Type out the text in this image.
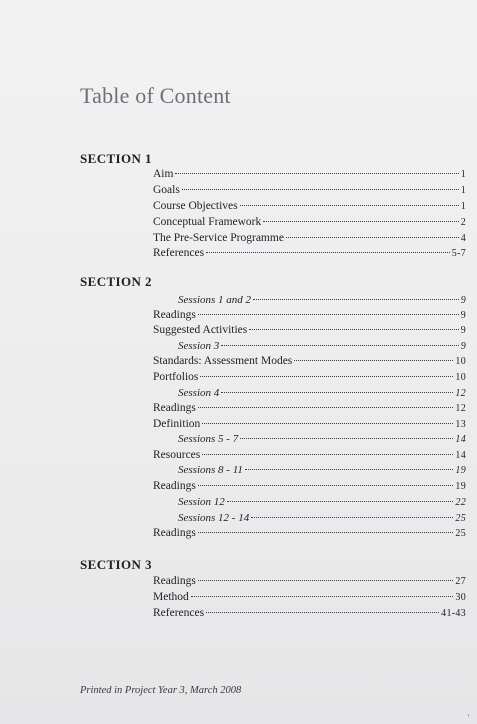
Table of Content
SECTION 1
Aim	1
Goals	1
Course Objectives	1
Conceptual Framework	2
The Pre-Service Programme	4
References	5-7
SECTION 2
Sessions 1 and 2	9
Readings	9
Suggested Activities	9
Session 3	9
Standards: Assessment Modes	10
Portfolios	10
Session 4	12
Readings	12
Definition	13
Sessions 5 - 7	14
Resources	14
Sessions 8 - 11	19
Readings	19
Session 12	22
Sessions 12 - 14	25
Readings	25
SECTION 3
Readings	27
Method	30
References	41-43
Printed in Project Year 3, March 2008
'
